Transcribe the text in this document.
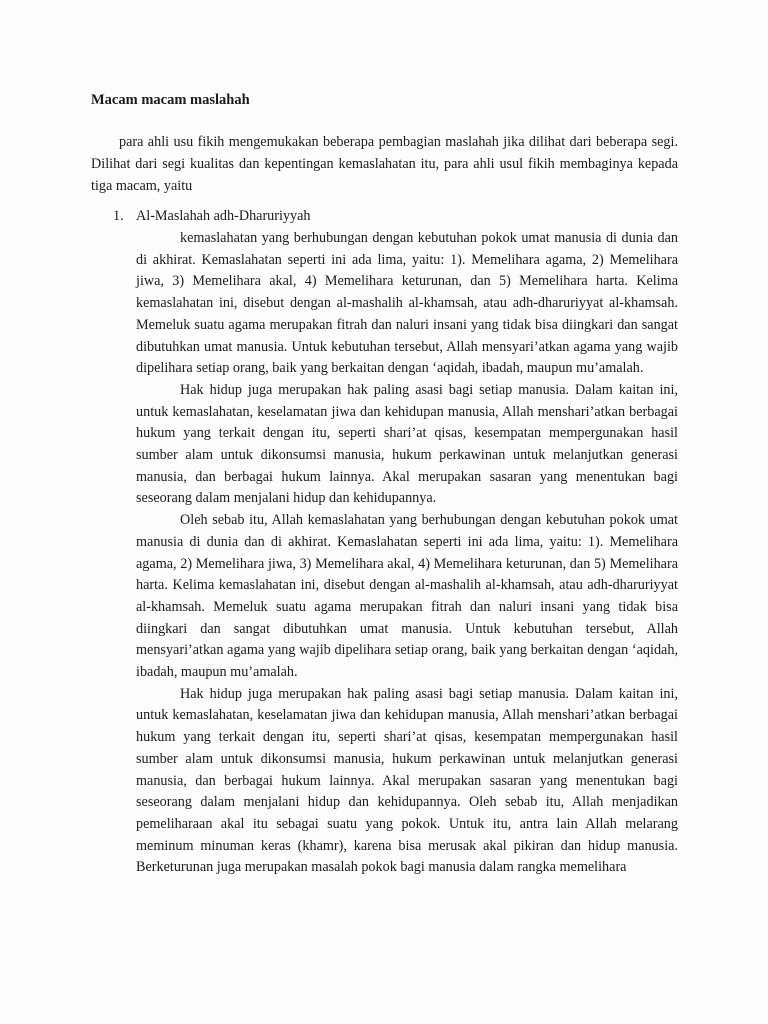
Macam macam maslahah

para ahli usu fikih mengemukakan beberapa pembagian maslahah jika dilihat dari beberapa segi. Dilihat dari segi kualitas dan kepentingan kemaslahatan itu, para ahli usul fikih membaginya kepada tiga macam, yaitu

1. Al-Maslahah adh-Dharuriyyah

kemaslahatan yang berhubungan dengan kebutuhan pokok umat manusia di dunia dan di akhirat. Kemaslahatan seperti ini ada lima, yaitu: 1). Memelihara agama, 2) Memelihara jiwa, 3) Memelihara akal, 4) Memelihara keturunan, dan 5) Memelihara harta. Kelima kemaslahatan ini, disebut dengan al-mashalih al-khamsah, atau adh-dharuriyyat al-khamsah. Memeluk suatu agama merupakan fitrah dan naluri insani yang tidak bisa diingkari dan sangat dibutuhkan umat manusia. Untuk kebutuhan tersebut, Allah mensyari’atkan agama yang wajib dipelihara setiap orang, baik yang berkaitan dengan ‘aqidah, ibadah, maupun mu’amalah.

Hak hidup juga merupakan hak paling asasi bagi setiap manusia. Dalam kaitan ini, untuk kemaslahatan, keselamatan jiwa dan kehidupan manusia, Allah menshari’atkan berbagai hukum yang terkait dengan itu, seperti shari’at qisas, kesempatan mempergunakan hasil sumber alam untuk dikonsumsi manusia, hukum perkawinan untuk melanjutkan generasi manusia, dan berbagai hukum lainnya. Akal merupakan sasaran yang menentukan bagi seseorang dalam menjalani hidup dan kehidupannya.

Oleh sebab itu, Allah kemaslahatan yang berhubungan dengan kebutuhan pokok umat manusia di dunia dan di akhirat. Kemaslahatan seperti ini ada lima, yaitu: 1). Memelihara agama, 2) Memelihara jiwa, 3) Memelihara akal, 4) Memelihara keturunan, dan 5) Memelihara harta. Kelima kemaslahatan ini, disebut dengan al-mashalih al-khamsah, atau adh-dharuriyyat al-khamsah. Memeluk suatu agama merupakan fitrah dan naluri insani yang tidak bisa diingkari dan sangat dibutuhkan umat manusia. Untuk kebutuhan tersebut, Allah mensyari’atkan agama yang wajib dipelihara setiap orang, baik yang berkaitan dengan ‘aqidah, ibadah, maupun mu’amalah.

Hak hidup juga merupakan hak paling asasi bagi setiap manusia. Dalam kaitan ini, untuk kemaslahatan, keselamatan jiwa dan kehidupan manusia, Allah menshari’atkan berbagai hukum yang terkait dengan itu, seperti shari’at qisas, kesempatan mempergunakan hasil sumber alam untuk dikonsumsi manusia, hukum perkawinan untuk melanjutkan generasi manusia, dan berbagai hukum lainnya. Akal merupakan sasaran yang menentukan bagi seseorang dalam menjalani hidup dan kehidupannya. Oleh sebab itu, Allah menjadikan pemeliharaan akal itu sebagai suatu yang pokok. Untuk itu, antra lain Allah melarang meminum minuman keras (khamr), karena bisa merusak akal pikiran dan hidup manusia. Berketurunan juga merupakan masalah pokok bagi manusia dalam rangka memelihara
